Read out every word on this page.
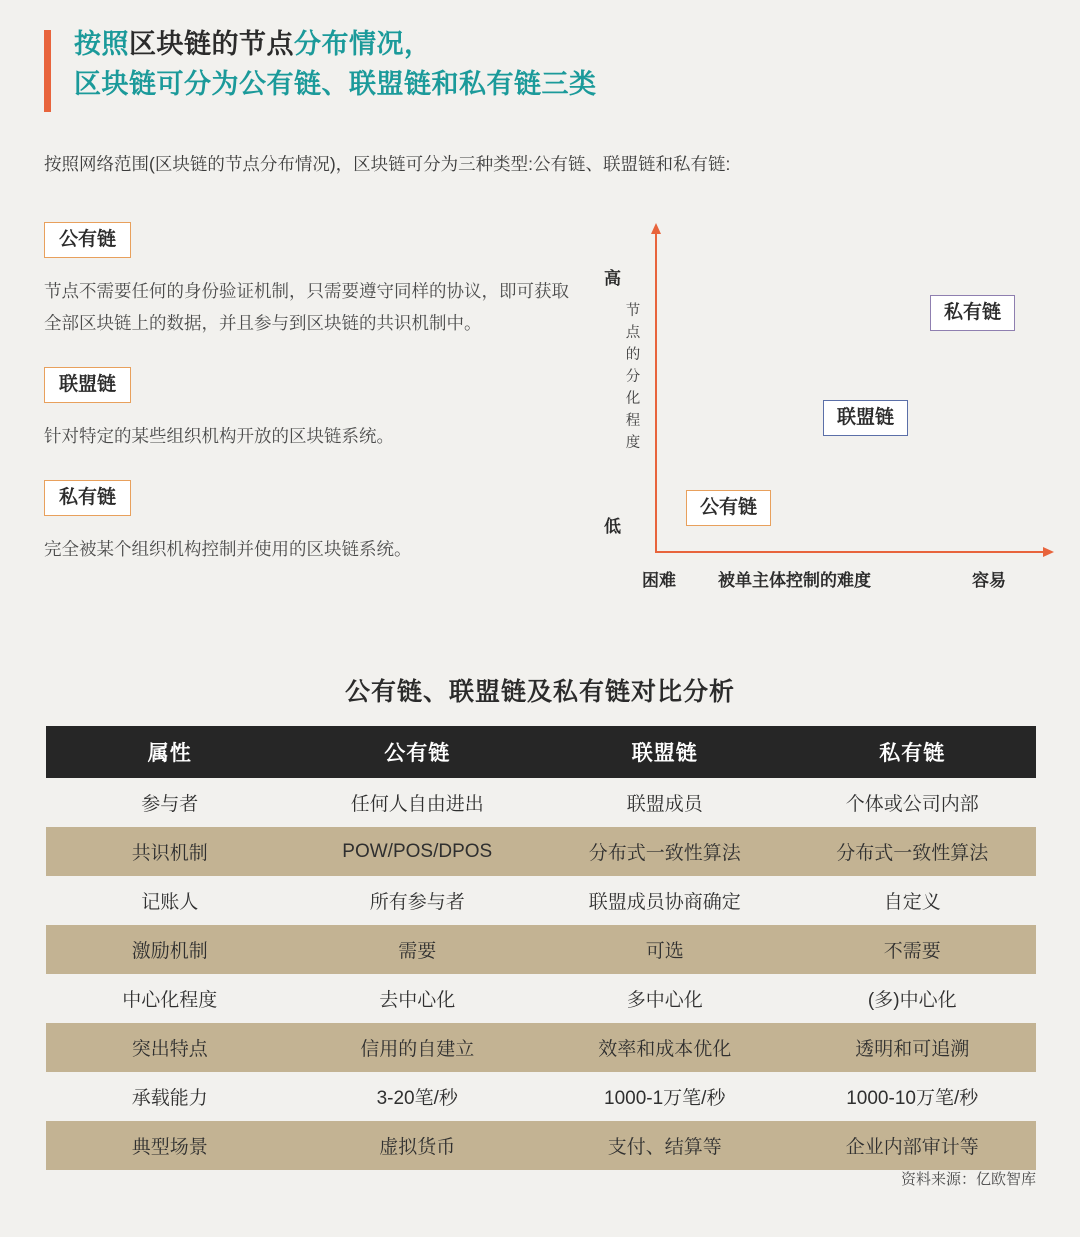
按照区块链的节点分布情况，
区块链可分为公有链、联盟链和私有链三类
按照网络范围(区块链的节点分布情况)，区块链可分为三种类型:公有链、联盟链和私有链:
公有链
节点不需要任何的身份验证机制，只需要遵守同样的协议，即可获取全部区块链上的数据，并且参与到区块链的共识机制中。
联盟链
针对特定的某些组织机构开放的区块链系统。
私有链
完全被某个组织机构控制并使用的区块链系统。
高
低
节点的分化程度
困难 被单主体控制的难度	容易
私有链
联盟链
公有链
公有链、联盟链及私有链对比分析
属性	公有链	联盟链	私有链
参与者	任何人自由进出	联盟成员	个体或公司内部
共识机制	POW/POS/DPOS	分布式一致性算法	分布式一致性算法
记账人	所有参与者	联盟成员协商确定	自定义
激励机制	需要	可选	不需要
中心化程度	去中心化	多中心化	(多)中心化
突出特点	信用的自建立	效率和成本优化	透明和可追溯
承载能力	3-20笔/秒	1000-1万笔/秒	1000-10万笔/秒
典型场景	虚拟货币	支付、结算等	企业内部审计等
资料来源：亿欧智库
